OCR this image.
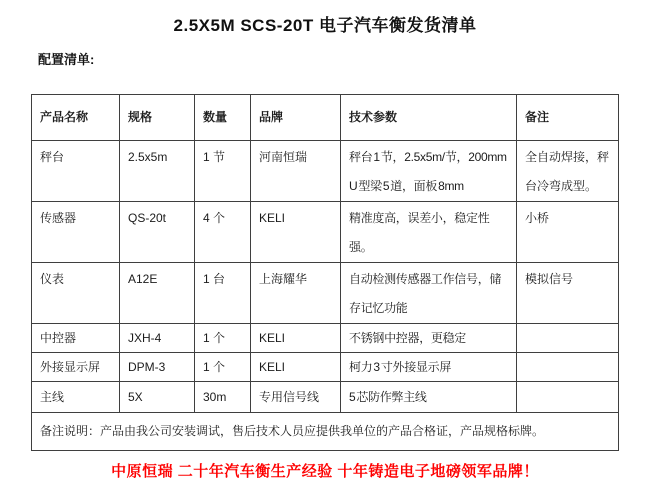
2.5X5M SCS-20T 电子汽车衡发货清单
配置清单:
产品名称	规格	数量	品牌	技术参数	备注
秤台	2.5x5m	1 节	河南恒瑞	秤台 1 节，2.5x5m/节，200mmU 型梁 5 道，面板 8mm	全自动焊接，秤台冷弯成型。
传感器	QS-20t	4 个	KELI	精准度高，误差小，稳定性强。	小桥
仪表	A12E	1 台	上海耀华	自动检测传感器工作信号，储存记忆功能	模拟信号
中控器	JXH-4	1 个	KELI	不锈钢中控器，更稳定	
外接显示屏	DPM-3	1 个	KELI	柯力 3 寸外接显示屏	
主线	5X	30m	专用信号线	5 芯防作弊主线	
备注说明：产品由我公司安装调试，售后技术人员应提供我单位的产品合格证，产品规格标牌。					
中原恒瑞 二十年汽车衡生产经验 十年铸造电子地磅领军品牌！
